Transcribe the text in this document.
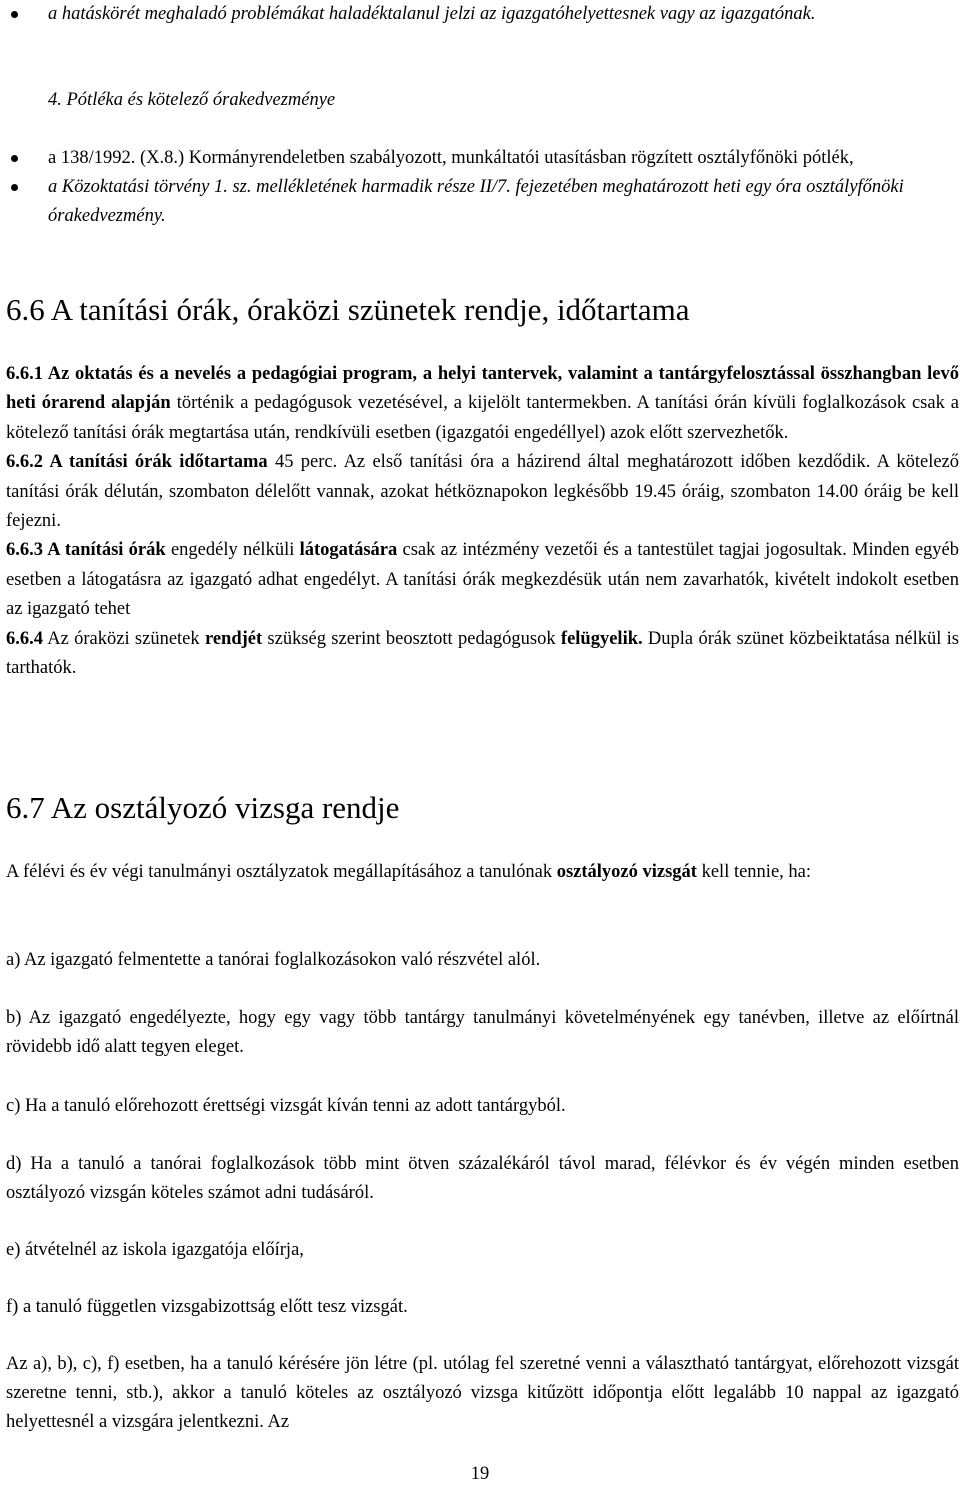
a hatáskörét meghaladó problémákat haladéktalanul jelzi az igazgatóhelyettesnek vagy az igazgatónak.
4. Pótléka és kötelező órakedvezménye
a 138/1992. (X.8.) Kormányrendeletben szabályozott, munkáltatói utasításban rögzített osztályfőnöki pótlék,
a Közoktatási törvény 1. sz. mellékletének harmadik része II/7. fejezetében meghatározott heti egy óra osztályfőnöki órakedvezmény.
6.6 A tanítási órák, óraközi szünetek rendje, időtartama
6.6.1 Az oktatás és a nevelés a pedagógiai program, a helyi tantervek, valamint a tantárgyfelosztással összhangban levő heti órarend alapján történik a pedagógusok vezetésével, a kijelölt tantermekben. A tanítási órán kívüli foglalkozások csak a kötelező tanítási órák megtartása után, rendkívüli esetben (igazgatói engedéllyel) azok előtt szervezhetők.
6.6.2 A tanítási órák időtartama 45 perc. Az első tanítási óra a házirend által meghatározott időben kezdődik. A kötelező tanítási órák délután, szombaton délelőtt vannak, azokat hétköznapokon legkésőbb 19.45 óráig, szombaton 14.00 óráig be kell fejezni.
6.6.3 A tanítási órák engedély nélküli látogatására csak az intézmény vezetői és a tantestület tagjai jogosultak. Minden egyéb esetben a látogatásra az igazgató adhat engedélyt. A tanítási órák megkezdésük után nem zavarhatók, kivételt indokolt esetben az igazgató tehet
6.6.4 Az óraközi szünetek rendjét szükség szerint beosztott pedagógusok felügyelik. Dupla órák szünet közbeiktatása nélkül is tarthatók.
6.7 Az osztályozó vizsga rendje

A félévi és év végi tanulmányi osztályzatok megállapításához a tanulónak osztályozó vizsgát kell tennie, ha:

a) Az igazgató felmentette a tanórai foglalkozásokon való részvétel alól.

b) Az igazgató engedélyezte, hogy egy vagy több tantárgy tanulmányi követelményének egy tanévben, illetve az előírtnál rövidebb idő alatt tegyen eleget.

c) Ha a tanuló előrehozott érettségi vizsgát kíván tenni az adott tantárgyból.

d) Ha a tanuló a tanórai foglalkozások több mint ötven százalékáról távol marad, félévkor és év végén minden esetben osztályozó vizsgán köteles számot adni tudásáról.

e) átvételnél az iskola igazgatója előírja,

f) a tanuló független vizsgabizottság előtt tesz vizsgát.

Az a), b), c), f) esetben, ha a tanuló kérésére jön létre (pl. utólag fel szeretné venni a választható tantárgyat, előrehozott vizsgát szeretne tenni, stb.), akkor a tanuló köteles az osztályozó vizsga kitűzött időpontja előtt legalább 10 nappal az igazgató helyettesnél a vizsgára jelentkezni. Az

19
